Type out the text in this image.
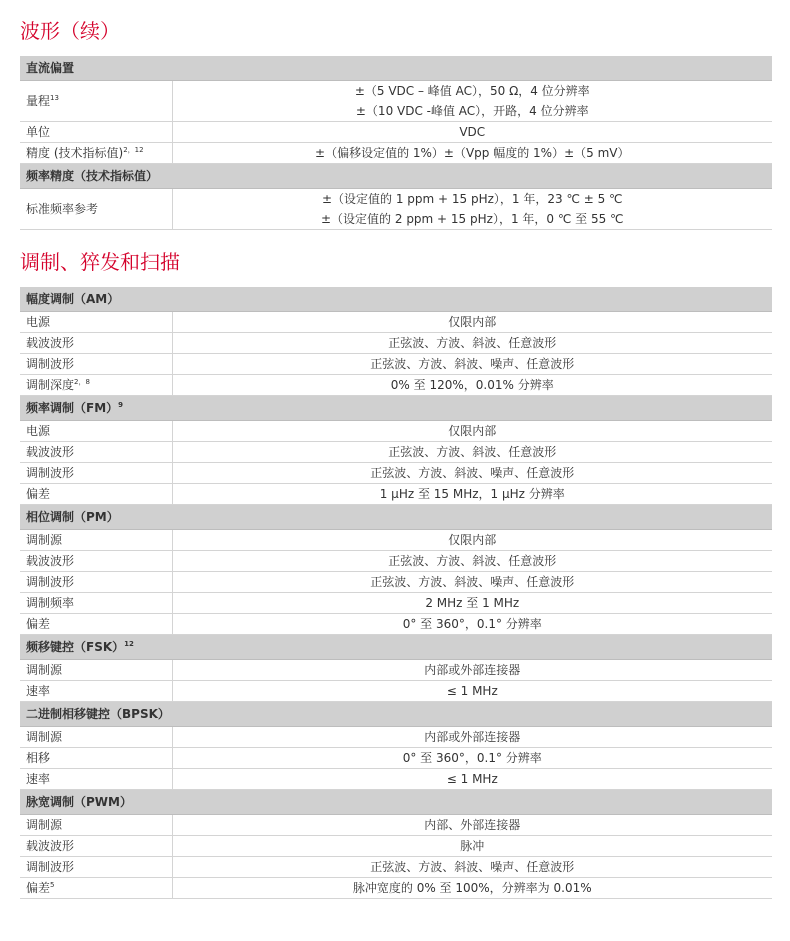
波形（续）
直流偏置	
量程$^{13}$	±（5 VDC – 峰值 AC），50 Ω，4 位分辨率
±（10 VDC -峰值 AC），开路，4 位分辨率

单位	VDC
精度 (技术指标值)$^{2,12}$	±（偏移设定值的 1%）±（Vpp 幅度的 1%）±（5 mV）
频率精度（技术指标值）	
标准频率参考	±（设定值的 1 ppm + 15 pHz），1 年，23 ℃ ± 5 ℃
±（设定值的 2 ppm + 15 pHz），1 年，0 ℃ 至 55 ℃
调制、猝发和扫描
幅度调制（AM）	
电源	仅限内部
载波波形	正弦波、方波、斜波、任意波形
调制波形	正弦波、方波、斜波、噪声、任意波形
调制深度$^{2,8}$	0% 至 120%，0.01% 分辨率
频率调制（FM）$^9$
电源	仅限内部
载波波形	正弦波、方波、斜波、任意波形
调制波形	正弦波、方波、斜波、噪声、任意波形
偏差	1 μHz 至 15 MHz，1 μHz 分辨率
相位调制（PM）	
调制源	仅限内部
载波波形	正弦波、方波、斜波、任意波形
调制波形	正弦波、方波、斜波、噪声、任意波形
调制频率	2 MHz 至 1 MHz
偏差	0° 至 360°，0.1° 分辨率
频移键控（FSK）$^{12}$
调制源	内部或外部连接器
速率	≤ 1 MHz
二进制相移键控（BPSK）	
调制源	内部或外部连接器
相移	0° 至 360°，0.1° 分辨率
速率	≤ 1 MHz
脉宽调制（PWM）	
调制源	内部、外部连接器
载波波形	脉冲
调制波形	正弦波、方波、斜波、噪声、任意波形
偏差$^5$	脉冲宽度的 0% 至 100%，分辨率为 0.01%
